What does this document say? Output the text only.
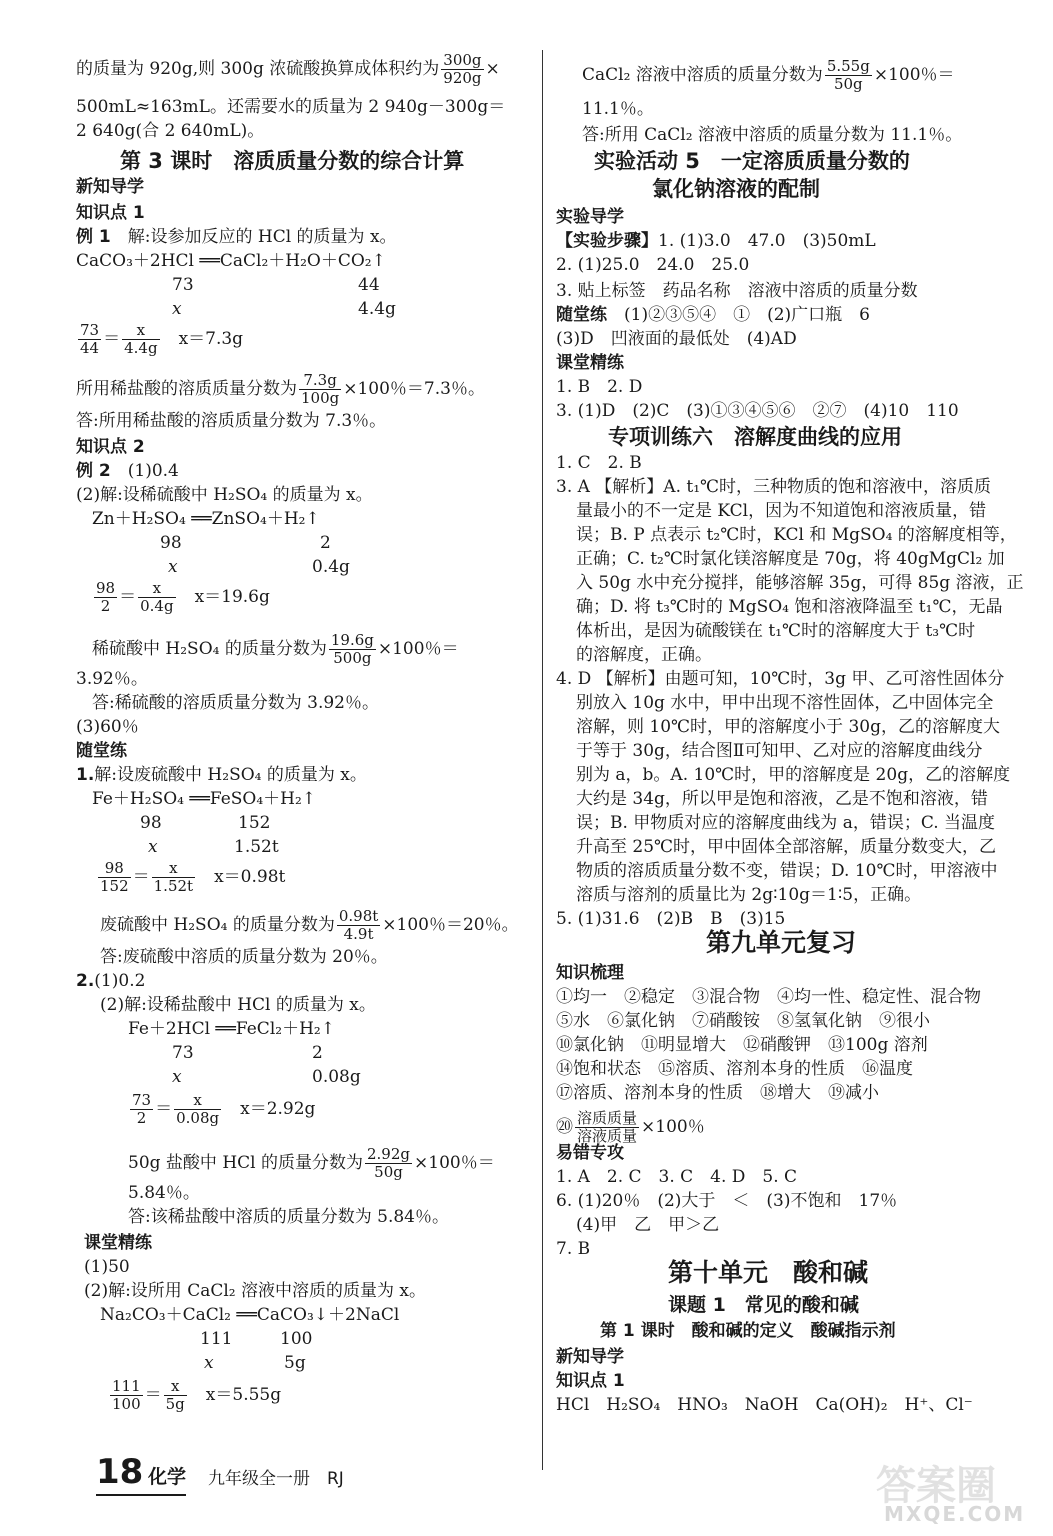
的质量为 920g,则 300g 浓硫酸换算成体积约为 $\frac{300g}{920g}$ ×
500mL≈163mL。还需要水的质量为 2 940g－300g＝
2 640g(合 2 640mL)。
第 3 课时　溶质质量分数的综合计算
新知导学
知识点 1
例 1　 解:设参加反应的 HCl 的质量为 x。
CaCO₃＋2HCl ══CaCl₂＋H₂O＋CO₂↑
73	44
x	4.4g
$\frac{73}{44} = \frac{x}{4.4g}$
　 x＝7.3g
所用稀盐酸的溶质质量分数为 $\frac{7.3g}{100g} \times 100$％＝7.3％。
答:所用稀盐酸的溶质质量分数为 7.3％。
知识点 2
例 2　 (1)0.4
(2)解:设稀硫酸中 H₂SO₄ 的质量为 x。
Zn＋H₂SO₄ ══ZnSO₄＋H₂↑
98	2
x	0.4g
$\frac{98}{2} = \frac{x}{0.4g}$
　 x＝19.6g
稀硫酸中 H₂SO₄ 的质量分数为 $\frac{19.6g}{500g} \times 100$％＝
3.92％。
答:稀硫酸的溶质质量分数为 3.92％。
(3)60％
随堂练
1.解:设废硫酸中 H₂SO₄ 的质量为 x。
Fe＋H₂SO₄ ══FeSO₄＋H₂↑
98	152
x	1.52t
$\frac{98}{152} = \frac{x}{1.52t}$
　 x＝0.98t
废硫酸中 H₂SO₄ 的质量分数为 $\frac{0.98t}{4.9t} \times 100$％＝20％。
答:废硫酸中溶质的质量分数为 20％。
2.(1)0.2
(2)解:设稀盐酸中 HCl 的质量为 x。
Fe＋2HCl ══FeCl₂＋H₂↑
73	2
x	0.08g
$\frac{73}{2} = \frac{x}{0.08g}$
　 x＝2.92g
50g 盐酸中 HCl 的质量分数为 $\frac{2.92g}{50g} \times 100$％＝
5.84％。
答:该稀盐酸中溶质的质量分数为 5.84％。
课堂精练
(1)50
(2)解:设所用 CaCl₂ 溶液中溶质的质量为 x。
Na₂CO₃＋CaCl₂ ══CaCO₃↓＋2NaCl
111	100
x	5g
$\frac{111}{100} = \frac{x}{5g}$
　 x＝5.55g
CaCl₂ 溶液中溶质的质量分数为 $\frac{5.55g}{50g} \times 100$％＝
11.1％。
答:所用 CaCl₂ 溶液中溶质的质量分数为 11.1％。
实验活动 5　一定溶质质量分数的
氯化钠溶液的配制
实验导学
【实验步骤】1. (1)3.0　47.0　(3)50mL
2. (1)25.0　24.0　25.0
3. 贴上标签　药品名称　溶液中溶质的质量分数
随堂练　 (1)②③⑤④　①　(2)广口瓶　6
(3)D　凹液面的最低处　(4)AD
课堂精练
1. B　2. D
3. (1)D　(2)C　(3)①③④⑤⑥　②⑦　(4)10　110
专项训练六　溶解度曲线的应用
1. C　2. B
3. A 【解析】A. t₁℃时，三种物质的饱和溶液中，溶质质
量最小的不一定是 KCl，因为不知道饱和溶液质量，错
误；B. P 点表示 t₂℃时，KCl 和 MgSO₄ 的溶解度相等，
正确；C. t₂℃时氯化镁溶解度是 70g，将 40gMgCl₂ 加
入 50g 水中充分搅拌，能够溶解 35g，可得 85g 溶液，正
确；D. 将 t₃℃时的 MgSO₄ 饱和溶液降温至 t₁℃，无晶
体析出，是因为硫酸镁在 t₁℃时的溶解度大于 t₃℃时
的溶解度，正确。
4. D 【解析】由题可知，10℃时，3g 甲、乙可溶性固体分
别放入 10g 水中，甲中出现不溶性固体，乙中固体完全
溶解，则 10℃时，甲的溶解度小于 30g，乙的溶解度大
于等于 30g，结合图Ⅱ可知甲、乙对应的溶解度曲线分
别为 a，b。A. 10℃时，甲的溶解度是 20g，乙的溶解度
大约是 34g，所以甲是饱和溶液，乙是不饱和溶液，错
误；B. 甲物质对应的溶解度曲线为 a，错误；C. 当温度
升高至 25℃时，甲中固体全部溶解，质量分数变大，乙
物质的溶质质量分数不变，错误；D. 10℃时，甲溶液中
溶质与溶剂的质量比为 2g∶10g＝1∶5，正确。
5. (1)31.6　(2)B　B　(3)15
第九单元复习
知识梳理
①均一　②稳定　③混合物　④均一性、稳定性、混合物
⑤水　⑥氯化钠　⑦硝酸铵　⑧氢氧化钠　⑨很小
⑩氯化钠　⑪明显增大　⑫硝酸钾　⑬100g 溶剂
⑭饱和状态　⑮溶质、溶剂本身的性质　⑯温度
⑰溶质、溶剂本身的性质　⑱增大　⑲减小
⑳ $\frac{\text{溶质质量}}{\text{溶液质量}} \times 100$％
易错专攻
1. A　2. C　3. C　4. D　5. C
6. (1)20％　(2)大于　＜　(3)不饱和　17％
(4)甲　乙　甲＞乙
7. B
第十单元　酸和碱
课题 1　常见的酸和碱
第 1 课时　酸和碱的定义　酸碱指示剂
新知导学
知识点 1
HCl　H₂SO₄　HNO₃　NaOH　Ca(OH)₂　H⁺、Cl⁻
18 化学 九年级全一册　RJ	答案圈
MXQE.COM
